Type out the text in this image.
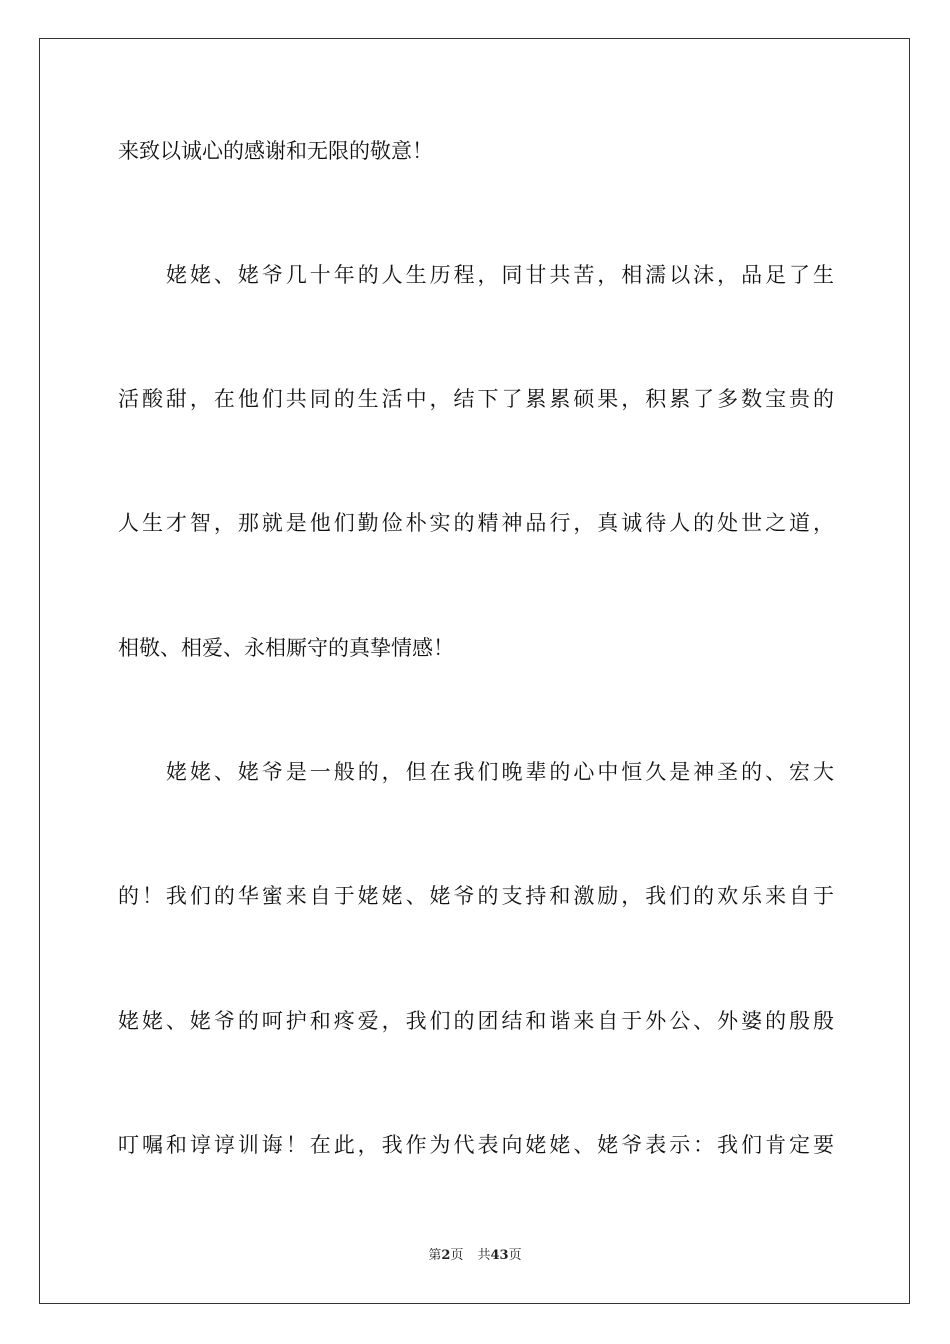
来致以诚心的感谢和无限的敬意！
姥姥、姥爷几十年的人生历程，同甘共苦，相濡以沫，品足了生
活酸甜，在他们共同的生活中，结下了累累硕果，积累了多数宝贵的
人生才智，那就是他们勤俭朴实的精神品行，真诚待人的处世之道，
相敬、相爱、永相厮守的真挚情感！
姥姥、姥爷是一般的，但在我们晚辈的心中恒久是神圣的、宏大
的！我们的华蜜来自于姥姥、姥爷的支持和激励，我们的欢乐来自于
姥姥、姥爷的呵护和疼爱，我们的团结和谐来自于外公、外婆的殷殷
叮嘱和谆谆训诲！在此，我作为代表向姥姥、姥爷表示：我们肯定要
第2页 共43页
